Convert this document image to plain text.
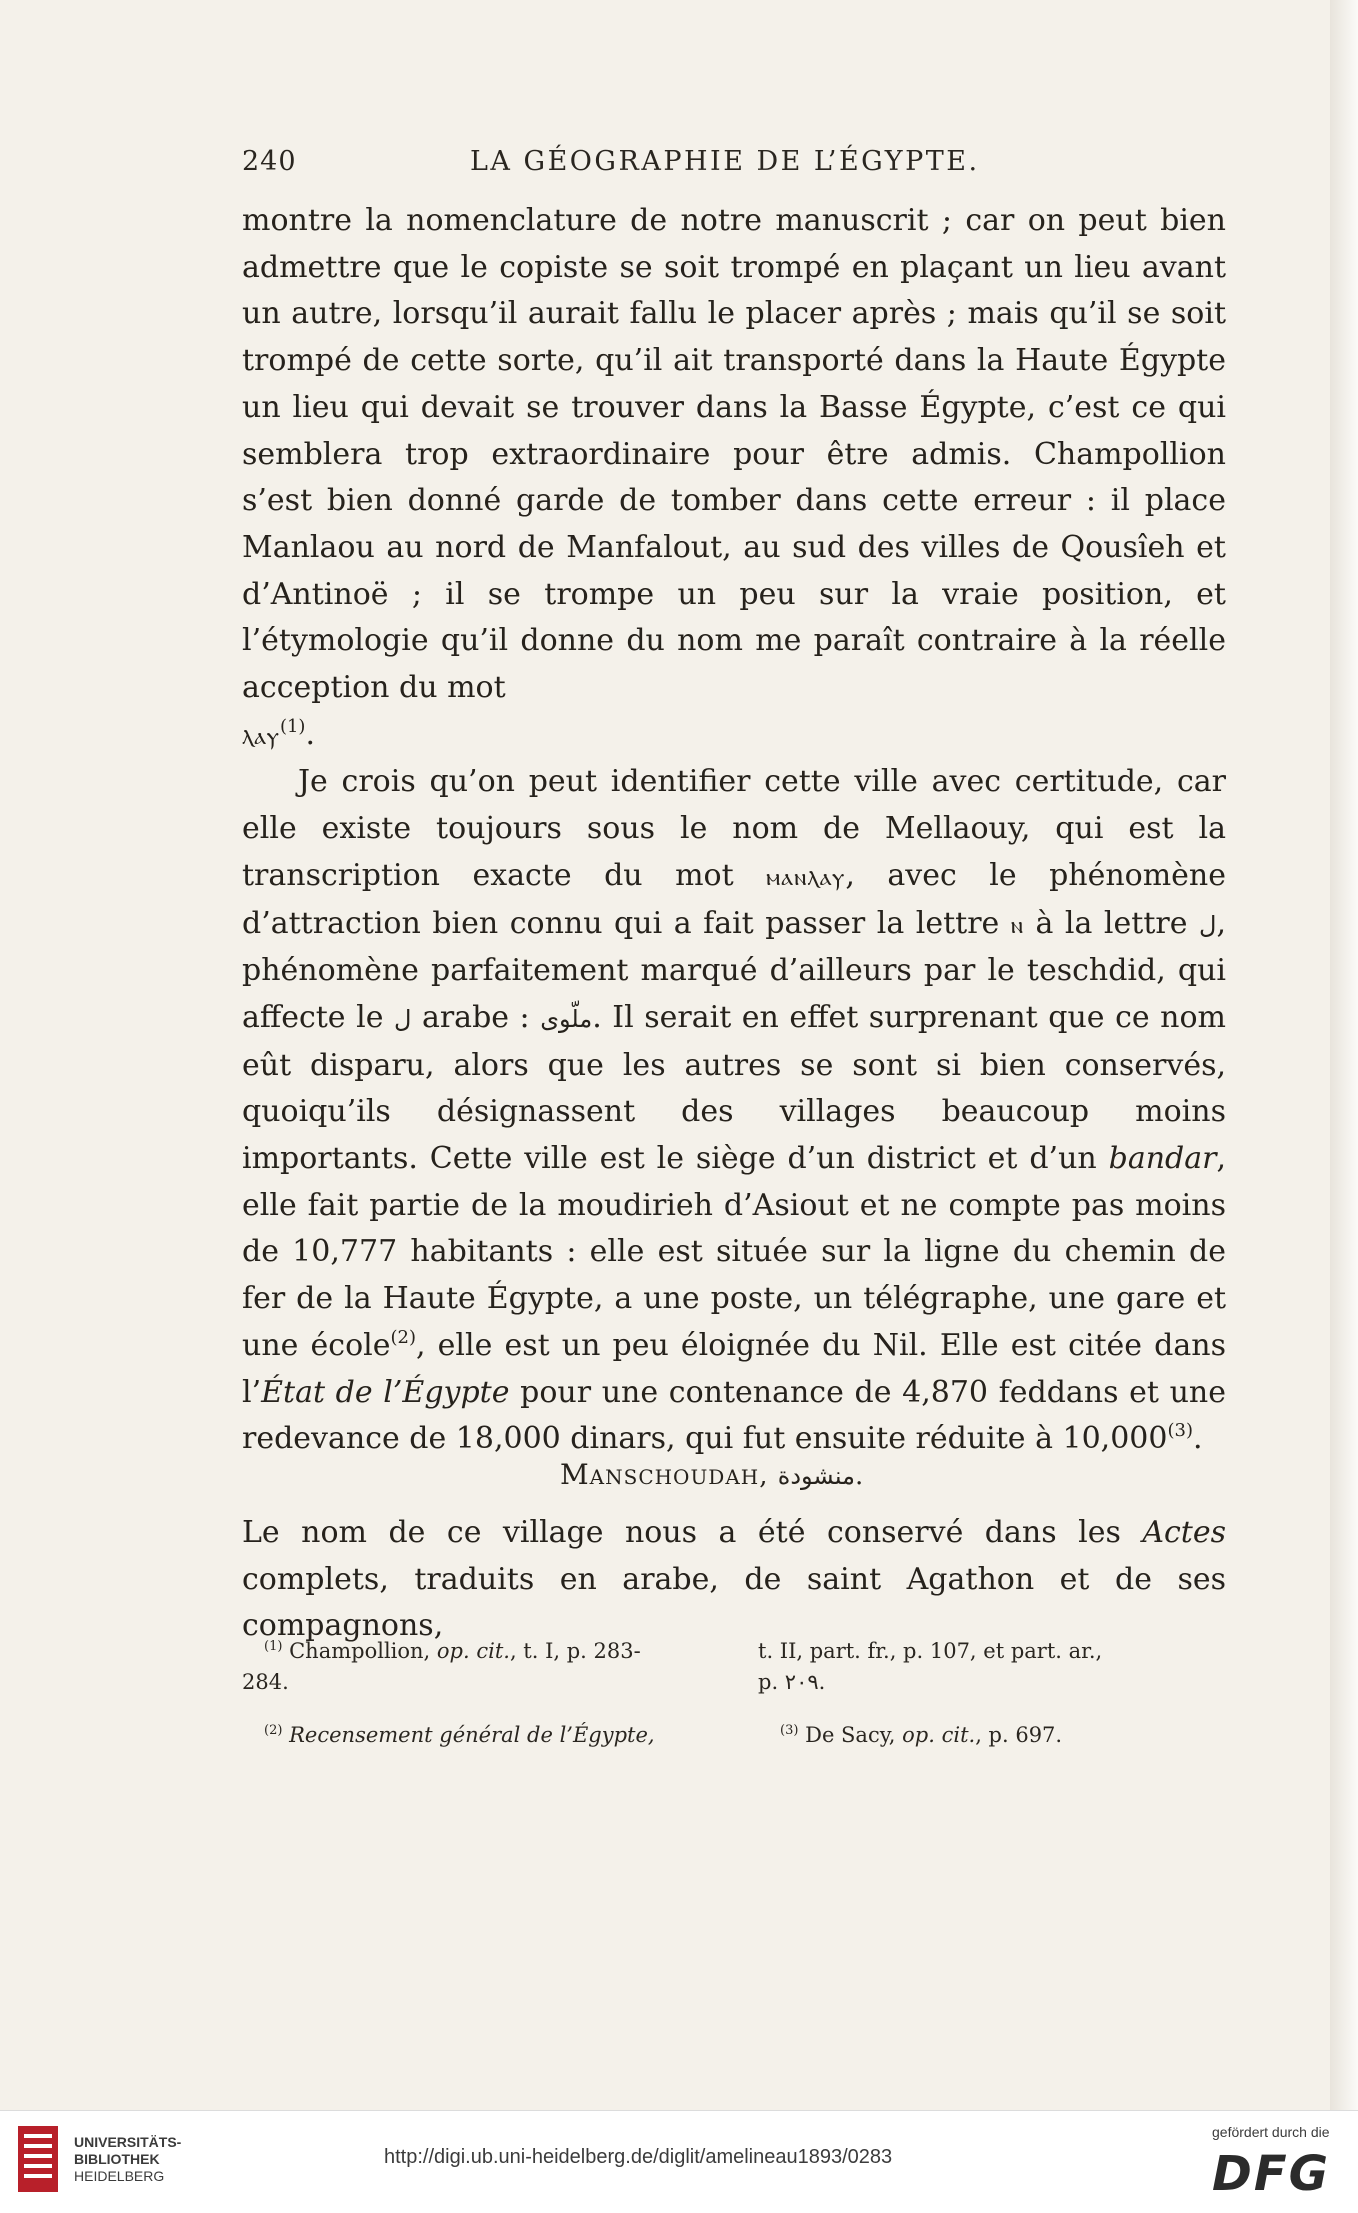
240	LA GÉOGRAPHIE DE L’ÉGYPTE.

montre la nomenclature de notre manuscrit ; car on peut bien admettre que le copiste se soit trompé en plaçant un lieu avant un autre, lorsqu’il aurait fallu le placer après ; mais qu’il se soit trompé de cette sorte, qu’il ait transporté dans la Haute Égypte un lieu qui devait se trouver dans la Basse Égypte, c’est ce qui semblera trop extraordinaire pour être admis. Champollion s’est bien donné garde de tomber dans cette erreur : il place Manlaou au nord de Manfalout, au sud des villes de Qousîeh et d’Antinoë ; il se trompe un peu sur la vraie position, et l’étymologie qu’il donne du nom me paraît contraire à la réelle acception du mot
ⲗⲁⲩ$^{(1)}$.

Je crois qu’on peut identifier cette ville avec certitude, car elle existe toujours sous le nom de Mellaouy, qui est la transcription exacte du mot ⲙⲁⲛⲗⲁⲩ, avec le phénomène d’attraction bien connu qui a fait passer la lettre ⲛ à la lettre ل, phénomène parfaitement marqué d’ailleurs par le teschdid, qui affecte le ل arabe : ملّوى. Il serait en effet surprenant que ce nom eût disparu, alors que les autres se sont si bien conservés, quoiqu’ils désignassent des villages beaucoup moins importants. Cette ville est le siège d’un district et d’un bandar, elle fait partie de la moudirieh d’Asiout et ne compte pas moins de 10,777 habitants : elle est située sur la ligne du chemin de fer de la Haute Égypte, a une poste, un télégraphe, une gare et une école$^{(2)}$, elle est un peu éloignée du Nil. Elle est citée dans l’État de l’Égypte pour une contenance de 4,870 feddans et une redevance de 18,000 dinars, qui fut ensuite réduite à 10,000$^{(3)}$.

Manschoudah, منشودة.

Le nom de ce village nous a été conservé dans les Actes complets, traduits en arabe, de saint Agathon et de ses compagnons,

$^{(1)}$ Champollion, op. cit., t. I, p. 283-
284.
t. II, part. fr., p. 107, et part. ar.,
p. ٢٠٩.
$^{(2)}$ Recensement général de l’Égypte,	$^{(3)}$ De Sacy, op. cit., p. 697.
UNIVERSITÄTS-
BIBLIOTHEK
HEIDELBERG
http://digi.ub.uni-heidelberg.de/diglit/amelineau1893/0283
gefördert durch die
DFG
